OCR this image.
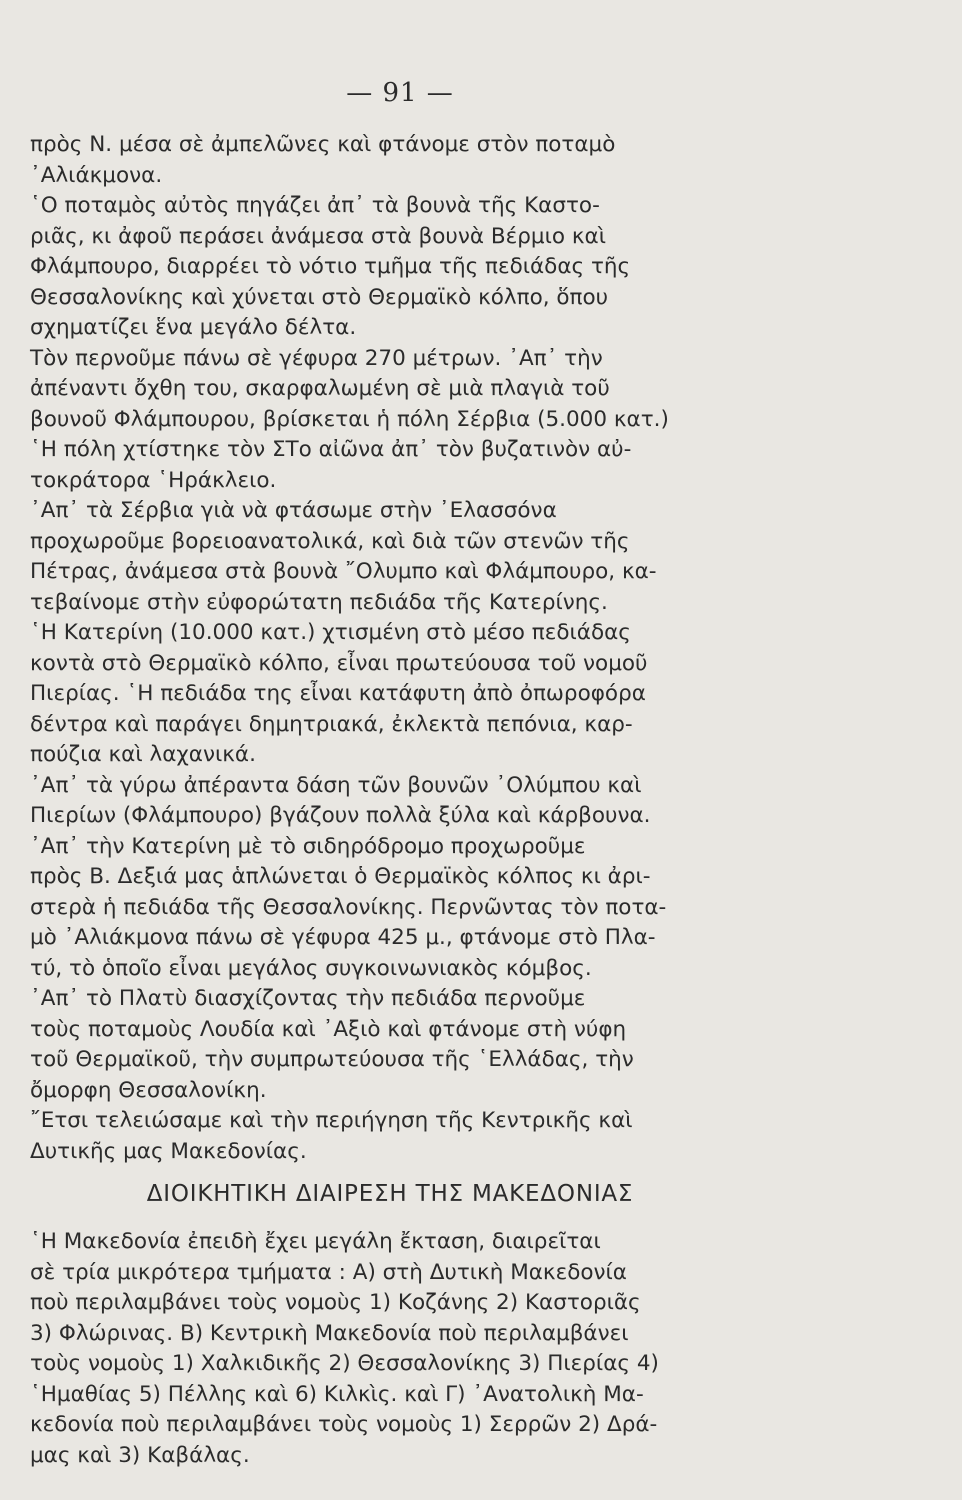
— 91 —
πρὸς Ν. μέσα σὲ ἀμπελῶνες καὶ φτάνομε στὸν ποταμὸ
᾿Αλιάκμονα.
῾Ο ποταμὸς αὐτὸς πηγάζει ἀπ᾿ τὰ βουνὰ τῆς Καστο-
ριᾶς, κι ἀφοῦ περάσει ἀνάμεσα στὰ βουνὰ Βέρμιο καὶ
Φλάμπουρο, διαρρέει τὸ νότιο τμῆμα τῆς πεδιάδας τῆς
Θεσσαλονίκης καὶ χύνεται στὸ Θερμαϊκὸ κόλπο, ὅπου
σχηματίζει ἕνα μεγάλο δέλτα.
Τὸν περνοῦμε πάνω σὲ γέφυρα 270 μέτρων. ᾿Απ᾿ τὴν
ἀπέναντι ὄχθη του, σκαρφαλωμένη σὲ μιὰ πλαγιὰ τοῦ
βουνοῦ Φλάμπουρου, βρίσκεται ἡ πόλη Σέρβια (5.000 κατ.)
῾Η πόλη χτίστηκε τὸν ΣΤο αἰῶνα ἀπ᾿ τὸν βυζατινὸν αὐ-
τοκράτορα ῾Ηράκλειο.
᾿Απ᾿ τὰ Σέρβια γιὰ νὰ φτάσωμε στὴν ᾿Ελασσόνα
προχωροῦμε βορειοανατολικά, καὶ διὰ τῶν στενῶν τῆς
Πέτρας, ἀνάμεσα στὰ βουνὰ ῎Ολυμπο καὶ Φλάμπουρο, κα-
τεβαίνομε στὴν εὐφορώτατη πεδιάδα τῆς Κατερίνης.
῾Η Κατερίνη (10.000 κατ.) χτισμένη στὸ μέσο πεδιάδας
κοντὰ στὸ Θερμαϊκὸ κόλπο, εἶναι πρωτεύουσα τοῦ νομοῦ
Πιερίας. ῾Η πεδιάδα της εἶναι κατάφυτη ἀπὸ ὀπωροφόρα
δέντρα καὶ παράγει δημητριακά, ἐκλεκτὰ πεπόνια, καρ-
πούζια καὶ λαχανικά.
᾿Απ᾿ τὰ γύρω ἀπέραντα δάση τῶν βουνῶν ᾿Ολύμπου καὶ
Πιερίων (Φλάμπουρο) βγάζουν πολλὰ ξύλα καὶ κάρβουνα.
᾿Απ᾿ τὴν Κατερίνη μὲ τὸ σιδηρόδρομο προχωροῦμε
πρὸς Β. Δεξιά μας ἁπλώνεται ὁ Θερμαϊκὸς κόλπος κι ἀρι-
στερὰ ἡ πεδιάδα τῆς Θεσσαλονίκης. Περνῶντας τὸν ποτα-
μὸ ᾿Αλιάκμονα πάνω σὲ γέφυρα 425 μ., φτάνομε στὸ Πλα-
τύ, τὸ ὁποῖο εἶναι μεγάλος συγκοινωνιακὸς κόμβος.
᾿Απ᾿ τὸ Πλατὺ διασχίζοντας τὴν πεδιάδα περνοῦμε
τοὺς ποταμοὺς Λουδία καὶ ᾿Αξιὸ καὶ φτάνομε στὴ νύφη
τοῦ Θερμαϊκοῦ, τὴν συμπρωτεύουσα τῆς ῾Ελλάδας, τὴν
ὄμορφη Θεσσαλονίκη.
῎Ετσι τελειώσαμε καὶ τὴν περιήγηση τῆς Κεντρικῆς καὶ
Δυτικῆς μας Μακεδονίας.
ΔΙΟΙΚΗΤΙΚΗ ΔΙΑΙΡΕΣΗ ΤΗΣ ΜΑΚΕΔΟΝΙΑΣ
῾Η Μακεδονία ἐπειδὴ ἔχει μεγάλη ἔκταση, διαιρεῖται
σὲ τρία μικρότερα τμήματα : Α) στὴ Δυτικὴ Μακεδονία
ποὺ περιλαμβάνει τοὺς νομοὺς 1) Κοζάνης 2) Καστοριᾶς
3) Φλώρινας. Β) Κεντρικὴ Μακεδονία ποὺ περιλαμβάνει
τοὺς νομοὺς 1) Χαλκιδικῆς 2) Θεσσαλονίκης 3) Πιερίας 4)
῾Ημαθίας 5) Πέλλης καὶ 6) Κιλκὶς. καὶ Γ) ᾿Ανατολικὴ Μα-
κεδονία ποὺ περιλαμβάνει τοὺς νομοὺς 1) Σερρῶν 2) Δρά-
μας καὶ 3) Καβάλας.
